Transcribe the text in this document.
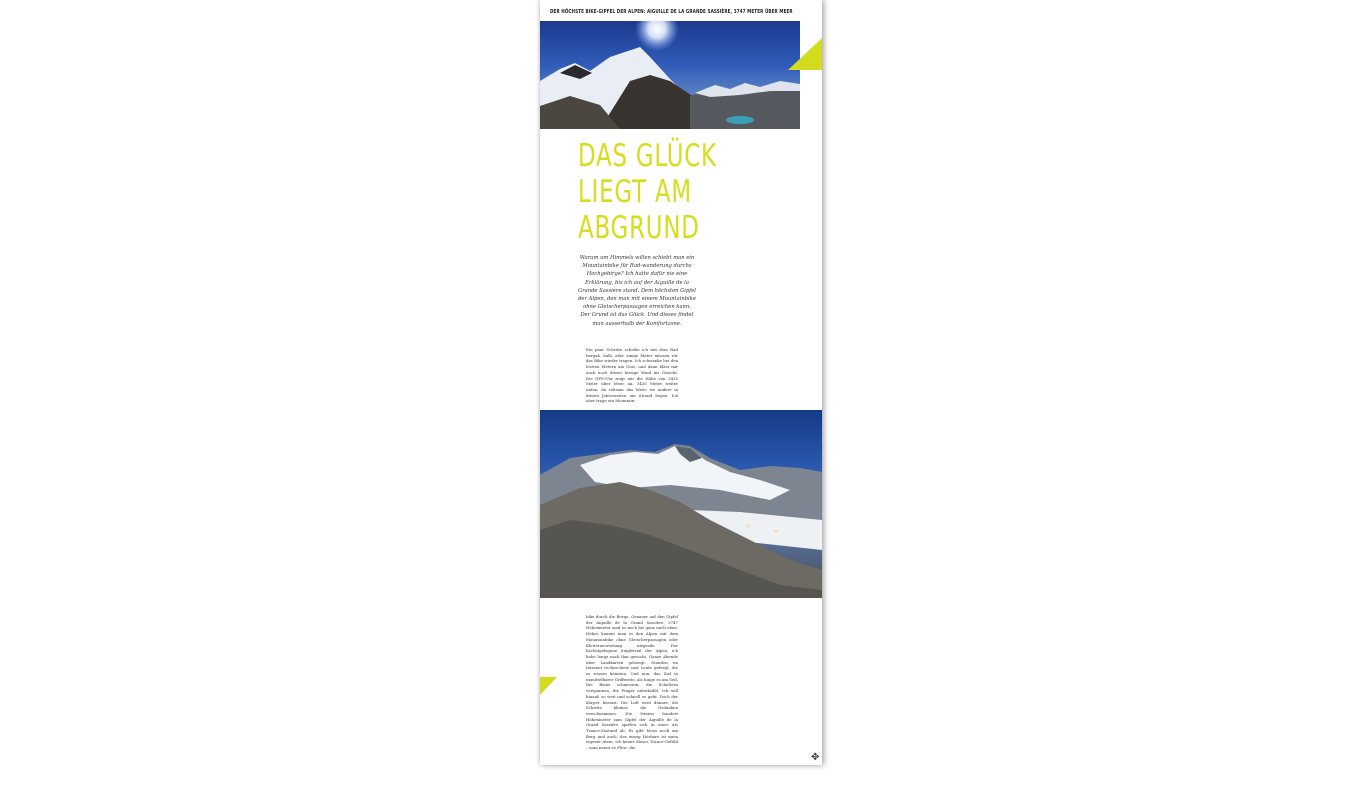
DER HÖCHSTE BIKE-GIPFEL DER ALPEN: AIGUILLE DE LA GRANDE SASSIÈRE, 3747 METER ÜBER MEER
DAS GLÜCK
LIEGT AM
ABGRUND
Warum um Himmels willen schiebt man ein Mountainbike für Rad-wanderung durchs Hochgebirge? Ich hatte dafür nie eine Erklärung, bis ich auf der Aiguille de la Grande Sassière stand. Dem höchsten Gipfel der Alpen, den man mit einem Mountainbike ohne Gletscherpassagen erreichen kann. Der Grund ist das Glück. Und dieses findet man ausserhalb der Komfortzone.
Ein paar Schritte schiebe ich mit dem Rad bergab, halb, aber einige Meter müssen wir das Bike wieder tragen. Ich schwanke bei den letzten Metern am Grat, und dann bläst mir auch noch dieser bissige Wind ins Gesicht. Die GPS-Uhr zeigt mir die Höhe von 3435 Meter über Meer an. 3435 Meter weiter unten, da seltsam das Meer, wo andere in diesen Jahreszeiten am Strand liegen. Ich aber trage ein Mountain-
bike durch die Berge. Genauer auf den Gipfel der Aiguille de la Grand Sassière. 3747 Höhenmeter sind es noch bis ganz nach oben. Höher kommt man in den Alpen mit dem Mountainbike ohne Gletscherpassagen oder Kletterausrüstung nirgends. Der höchstgelegene Singletrail der Alpen, ich habe lange nach ihm gesucht. Ganze Abende über Landkarten gebeugt, Stunden im Internet recherchiert und Leute gefragt, die es wissen könnten. Und nun, das Ziel in unmittelbarer Griffweite, als hinge es am Seil. Die Beine schmerzen, die Schultern verspannen, die Finger unterkühlt. Ich will hinauf, so weit und schnell es geht. Doch der Körper bremst. Die Luft wird dünner, die Schritte kleiner, die Gedanken verschwimmen. Die letzten hundert Höhenmeter zum Gipfel der Aiguille de la Grand Sassière spielen sich in einer Art Trance-Zustand ab. Es gibt Moos noch am Berg und auch, das einzig Hörbare ist mein eigener Atem. Ich kenne dieses Trance-Gefühl – man nennt es Flow: die
✥
